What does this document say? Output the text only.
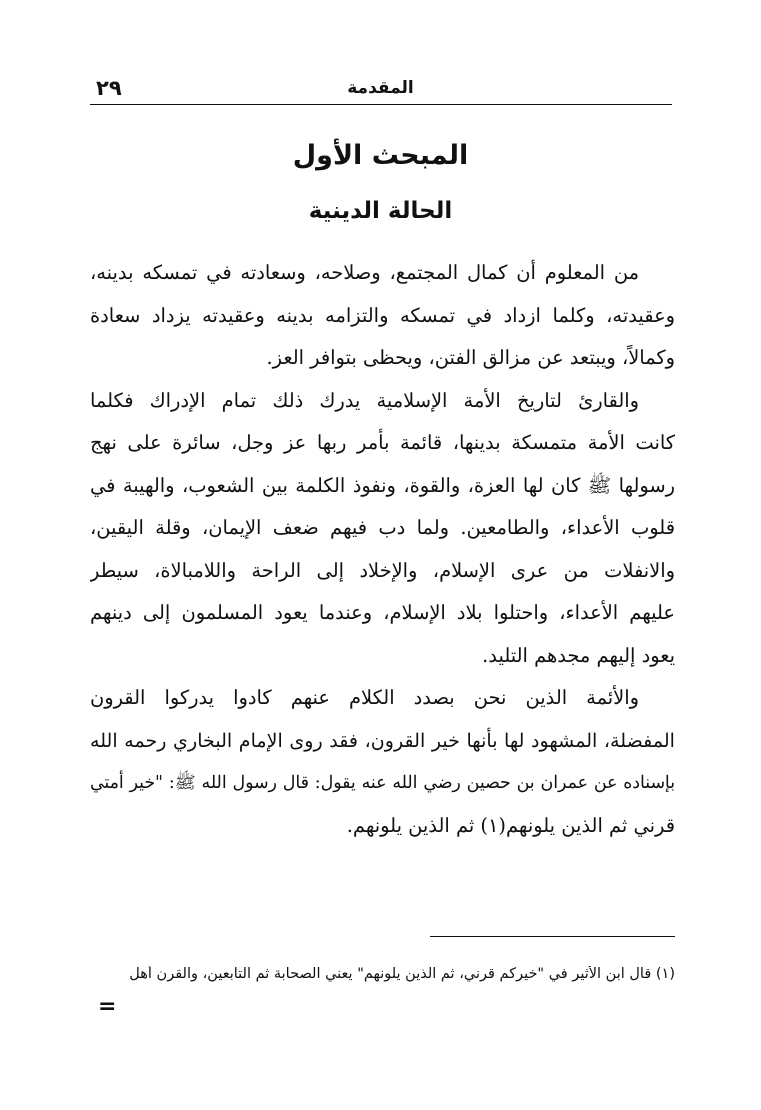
٢٩	المقدمة
المبحث الأول
الحالة الدينية
من المعلوم أن كمال المجتمع، وصلاحه، وسعادته في تمسكه بدينه،
وعقيدته، وكلما ازداد في تمسكه والتزامه بدينه وعقيدته يزداد سعادة
وكمالاً، ويبتعد عن مزالق الفتن، ويحظى بتوافر العز.
والقارئ لتاريخ الأمة الإسلامية يدرك ذلك تمام الإدراك فكلما
كانت الأمة متمسكة بدينها، قائمة بأمر ربها عز وجل، سائرة على نهج
رسولها ﷺ كان لها العزة، والقوة، ونفوذ الكلمة بين الشعوب، والهيبة في
قلوب الأعداء، والطامعين. ولما دب فيهم ضعف الإيمان، وقلة اليقين،
والانفلات من عرى الإسلام، والإخلاد إلى الراحة واللامبالاة، سيطر
عليهم الأعداء، واحتلوا بلاد الإسلام، وعندما يعود المسلمون إلى دينهم
يعود إليهم مجدهم التليد.
والأئمة الذين نحن بصدد الكلام عنهم كادوا يدركوا القرون
المفضلة، المشهود لها بأنها خير القرون، فقد روى الإمام البخاري رحمه الله
بإسناده عن عمران بن حصين رضي الله عنه يقول: قال رسول الله ﷺ: "خير أمتي
قرني ثم الذين يلونهم(١) ثم الذين يلونهم.
(١) قال ابن الأثير في "خيركم قرني، ثم الذين يلونهم" يعني الصحابة ثم التابعين، والقرن أهل
=
